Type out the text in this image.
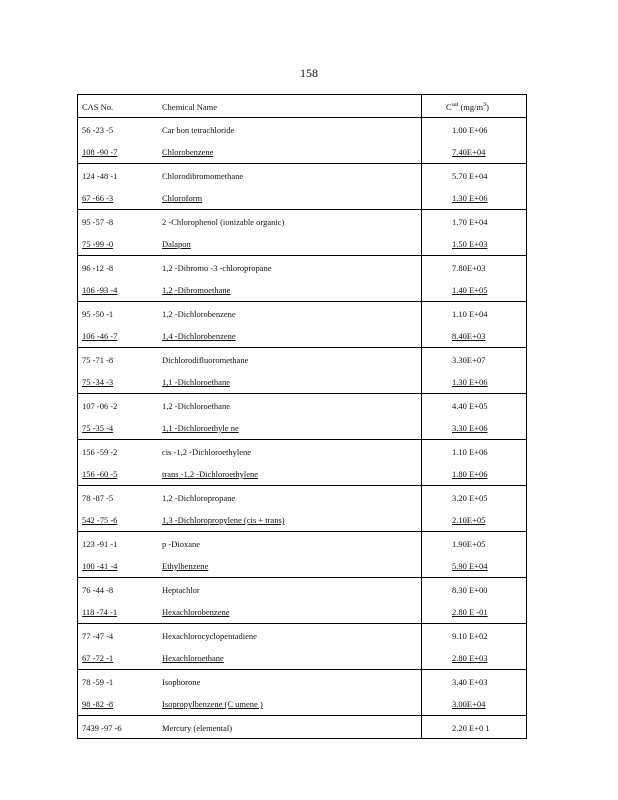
158
CAS No.	Chemical Name	$C^{sat}$ $(mg/m^3)$
56 -23 -5	Car bon tetrachloride	1.00 E+06
108 -90 -7	Chlorobenzene	7.40E+04
124 -48 -1	Chlorodibromomethane	5.70 E+04
67 -66 -3	Chloroform	1.30 E+06
95 -57 -8	2 -Chlorophenol (ionizable organic)	1.70 E+04
75 -99 -0	Dalapon	1.50 E+03
96 -12 -8	1,2 -Dibromo -3 -chloropropane	7.80E+03
106 -93 -4	1,2 -Dibromoethane	1.40 E+05
95 -50 -1	1,2 -Dichlorobenzene	1.10 E+04
106 -46 -7	1,4 -Dichlorobenzene	8.40E+03
75 -71 -8	Dichlorodifluoromethane	3.30E+07
75 -34 -3	1,1 -Dichloroethane	1.30 E+06
107 -06 -2	1,2 -Dichloroethane	4.40 E+05
75 -35 -4	1,1 -Dichloroethyle ne	3.30 E+06
156 -59 -2	cis -1,2 -Dichloroethylene	1.10 E+06
156 -60 -5	trans -1,2 -Dichloroethylene	1.80 E+06
78 -87 -5	1,2 -Dichloropropane	3.20 E+05
542 -75 -6	1,3 -Dichloropropylene (cis + trans)	2.10E+05
123 -91 -1	p -Dioxane	1.90E+05
100 -41 -4	Ethylbenzene	5.90 E+04
76 -44 -8	Heptachlor	8.30 E+00
118 -74 -1	Hexachlorobenzene	2.80 E -01
77 -47 -4	Hexachlorocyclopentadiene	9.10 E+02
67 -72 -1	Hexachloroethane	2.80 E+03
78 -59 -1	Isophorone	3.40 E+03
98 -82 -8	Isopropylbenzene (C umene )	3.00E+04
7439 -97 -6	Mercury (elemental)	2.20 E+0 1
